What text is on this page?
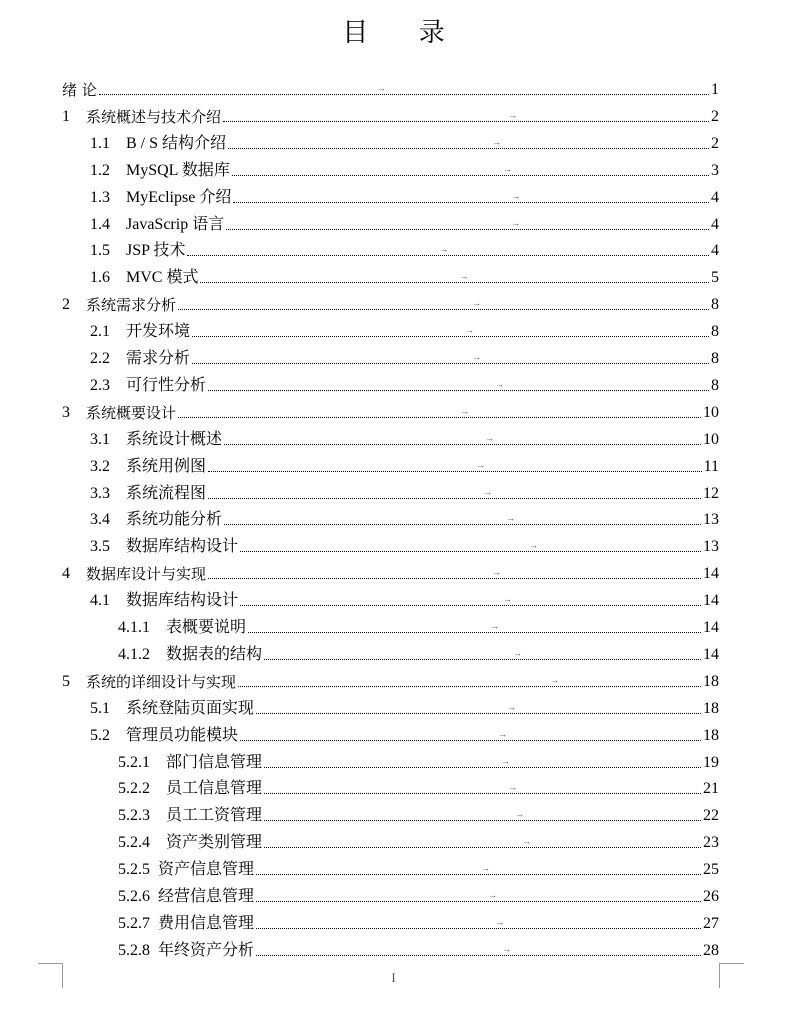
目 录
绪 论	→	1
1	系统概述与技术介绍	→	2
1.1	B / S 结构介绍	→	2
1.2	MySQL 数据库	→	3
1.3	MyEclipse 介绍	→	4
1.4	JavaScrip 语言	→	4
1.5	JSP 技术	→	4
1.6	MVC 模式	→	5
2	系统需求分析	→	8
2.1	开发环境	→	8
2.2	需求分析	→	8
2.3	可行性分析	→	8
3	系统概要设计	→	10
3.1	系统设计概述	→	10
3.2	系统用例图	→	11
3.3	系统流程图	→	12
3.4	系统功能分析	→	13
3.5	数据库结构设计	→	13
4	数据库设计与实现	→	14
4.1	数据库结构设计	→	14
4.1.1	表概要说明	→	14
4.1.2	数据表的结构	→	14
5	系统的详细设计与实现	→	18
5.1	系统登陆页面实现	→	18
5.2	管理员功能模块	→	18
5.2.1	部门信息管理	→	19
5.2.2	员工信息管理	→	21
5.2.3	员工工资管理	→	22
5.2.4	资产类别管理	→	23
5.2.5 资产信息管理	→	25
5.2.6 经营信息管理	→	26
5.2.7 费用信息管理	→	27
5.2.8 年终资产分析	→	28
I
